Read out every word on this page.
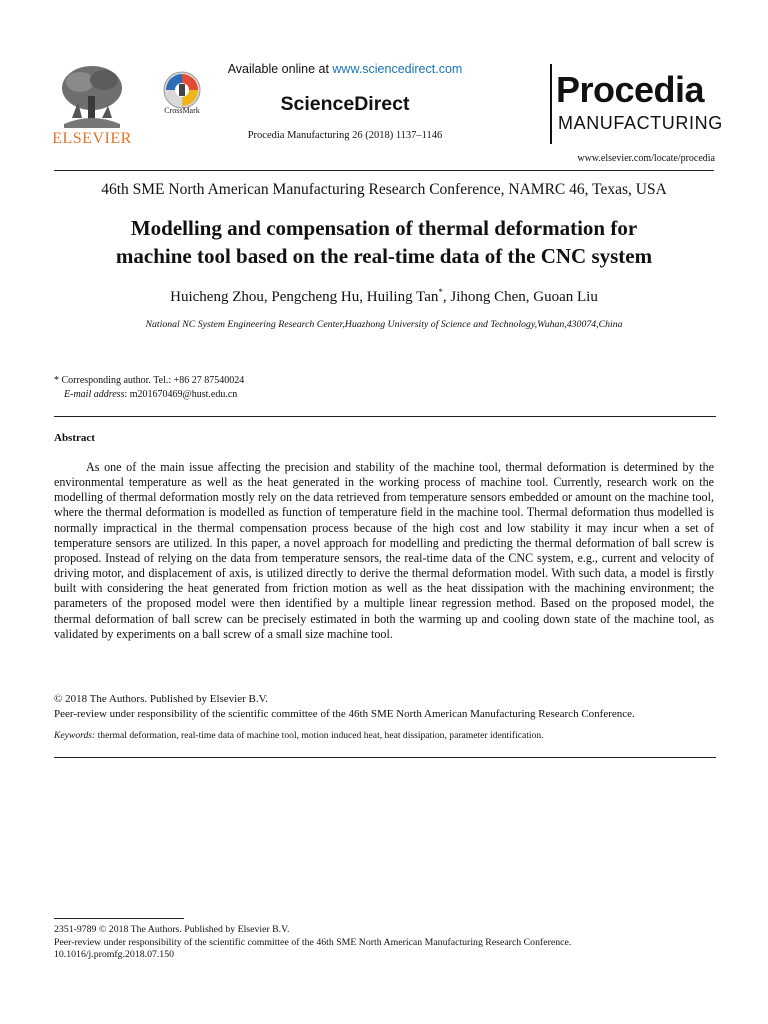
ELSEVIER
CrossMark
Available online at www.sciencedirect.com
ScienceDirect
Procedia Manufacturing 26 (2018) 1137–1146
Procedia
MANUFACTURING
www.elsevier.com/locate/procedia
46th SME North American Manufacturing Research Conference, NAMRC 46, Texas, USA
Modelling and compensation of thermal deformation for
machine tool based on the real-time data of the CNC system
Huicheng Zhou, Pengcheng Hu, Huiling Tan*, Jihong Chen, Guoan Liu
National NC System Engineering Research Center,Huazhong University of Science and Technology,Wuhan,430074,China
* Corresponding author. Tel.: +86 27 87540024
E-mail address: m201670469@hust.edu.cn
Abstract
As one of the main issue affecting the precision and stability of the machine tool, thermal deformation is determined by the environmental temperature as well as the heat generated in the working process of machine tool. Currently, research work on the modelling of thermal deformation mostly rely on the data retrieved from temperature sensors embedded or amount on the machine tool, where the thermal deformation is modelled as function of temperature field in the machine tool. Thermal deformation thus modelled is normally impractical in the thermal compensation process because of the high cost and low stability it may incur when a set of temperature sensors are utilized. In this paper, a novel approach for modelling and predicting the thermal deformation of ball screw is proposed. Instead of relying on the data from temperature sensors, the real-time data of the CNC system, e.g., current and velocity of driving motor, and displacement of axis, is utilized directly to derive the thermal deformation model. With such data, a model is firstly built with considering the heat generated from friction motion as well as the heat dissipation with the machining environment; the parameters of the proposed model were then identified by a multiple linear regression method. Based on the proposed model, the thermal deformation of ball screw can be precisely estimated in both the warming up and cooling down state of the machine tool, as validated by experiments on a ball screw of a small size machine tool.
© 2018 The Authors. Published by Elsevier B.V.
Peer-review under responsibility of the scientific committee of the 46th SME North American Manufacturing Research Conference.
Keywords: thermal deformation, real-time data of machine tool, motion induced heat, heat dissipation, parameter identification.
2351-9789 © 2018 The Authors. Published by Elsevier B.V.
Peer-review under responsibility of the scientific committee of the 46th SME North American Manufacturing Research Conference.
10.1016/j.promfg.2018.07.150
